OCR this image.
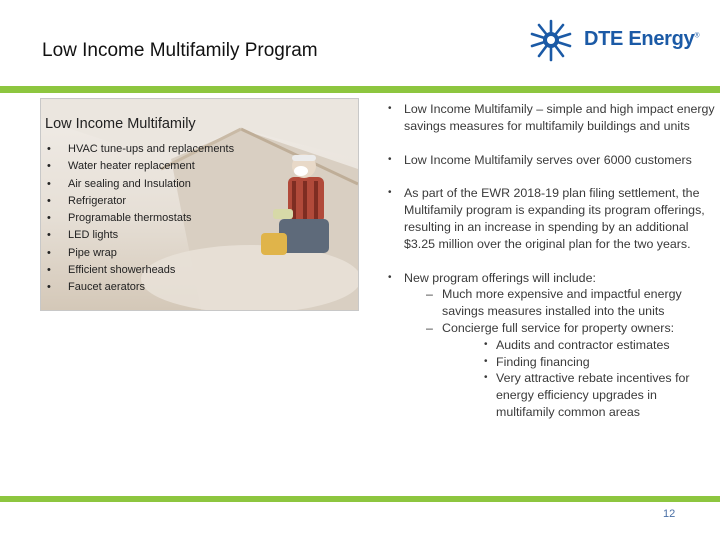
Low Income Multifamily Program
DTE Energy®
Low Income Multifamily
• HVAC tune-ups and replacements
• Water heater replacement
• Air sealing and Insulation
• Refrigerator
• Programable thermostats
• LED lights
• Pipe wrap
• Efficient showerheads
• Faucet aerators

• Low Income Multifamily – simple and high impact energy savings measures for multifamily buildings and units

• Low Income Multifamily serves over 6000 customers

• As part of the EWR 2018-19 plan filing settlement, the Multifamily program is expanding its program offerings, resulting in an increase in spending by an additional $3.25 million over the original plan for the two years.

• New program offerings will include:
– Much more expensive and impactful energy savings measures installed into the units
– Concierge full service for property owners:
• Audits and contractor estimates
• Finding financing
• Very attractive rebate incentives for energy efficiency upgrades in multifamily common areas
12
